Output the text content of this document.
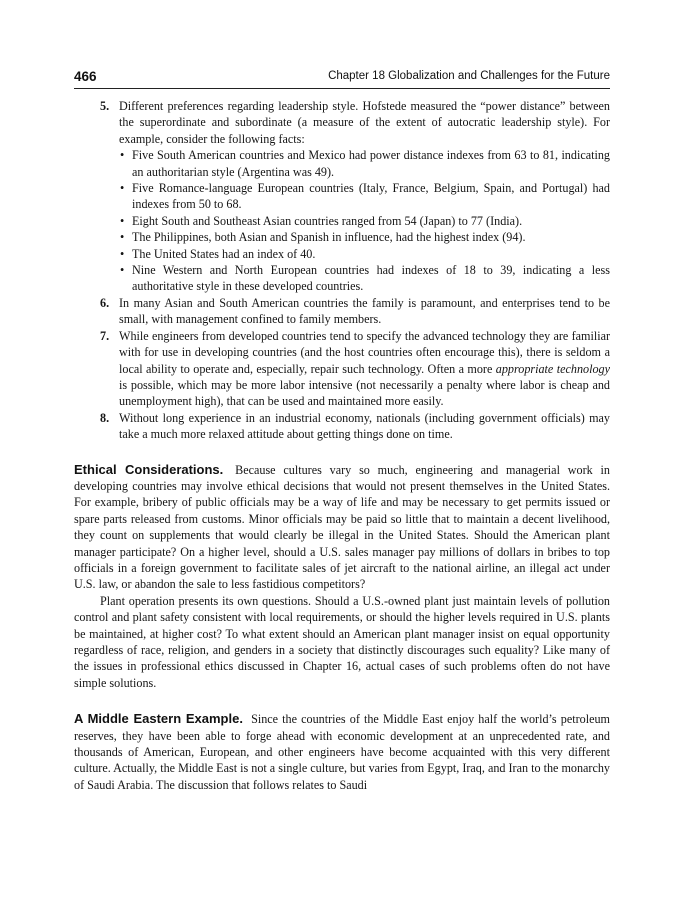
466	Chapter 18 Globalization and Challenges for the Future
5. Different preferences regarding leadership style. Hofstede measured the “power distance” between the superordinate and subordinate (a measure of the extent of autocratic leadership style). For example, consider the following facts:
• Five South American countries and Mexico had power distance indexes from 63 to 81, indicating an authoritarian style (Argentina was 49).
• Five Romance-language European countries (Italy, France, Belgium, Spain, and Portugal) had indexes from 50 to 68.
• Eight South and Southeast Asian countries ranged from 54 (Japan) to 77 (India).
• The Philippines, both Asian and Spanish in influence, had the highest index (94).
• The United States had an index of 40.
• Nine Western and North European countries had indexes of 18 to 39, indicating a less authoritative style in these developed countries.
6. In many Asian and South American countries the family is paramount, and enterprises tend to be small, with management confined to family members.
7. While engineers from developed countries tend to specify the advanced technology they are familiar with for use in developing countries (and the host countries often encourage this), there is seldom a local ability to operate and, especially, repair such technology. Often a more appropriate technology is possible, which may be more labor intensive (not necessarily a penalty where labor is cheap and unemployment high), that can be used and maintained more easily.
8. Without long experience in an industrial economy, nationals (including government officials) may take a much more relaxed attitude about getting things done on time.

Ethical Considerations. Because cultures vary so much, engineering and managerial work in developing countries may involve ethical decisions that would not present themselves in the United States. For example, bribery of public officials may be a way of life and may be necessary to get permits issued or spare parts released from customs. Minor officials may be paid so little that to maintain a decent livelihood, they count on supplements that would clearly be illegal in the United States. Should the American plant manager participate? On a higher level, should a U.S. sales manager pay millions of dollars in bribes to top officials in a foreign government to facilitate sales of jet aircraft to the national airline, an illegal act under U.S. law, or abandon the sale to less fastidious competitors?

Plant operation presents its own questions. Should a U.S.-owned plant just maintain levels of pollution control and plant safety consistent with local requirements, or should the higher levels required in U.S. plants be maintained, at higher cost? To what extent should an American plant manager insist on equal opportunity regardless of race, religion, and genders in a society that distinctly discourages such equality? Like many of the issues in professional ethics discussed in Chapter 16, actual cases of such problems often do not have simple solutions.

A Middle Eastern Example. Since the countries of the Middle East enjoy half the world’s petroleum reserves, they have been able to forge ahead with economic development at an unprecedented rate, and thousands of American, European, and other engineers have become acquainted with this very different culture. Actually, the Middle East is not a single culture, but varies from Egypt, Iraq, and Iran to the monarchy of Saudi Arabia. The discussion that follows relates to Saudi
